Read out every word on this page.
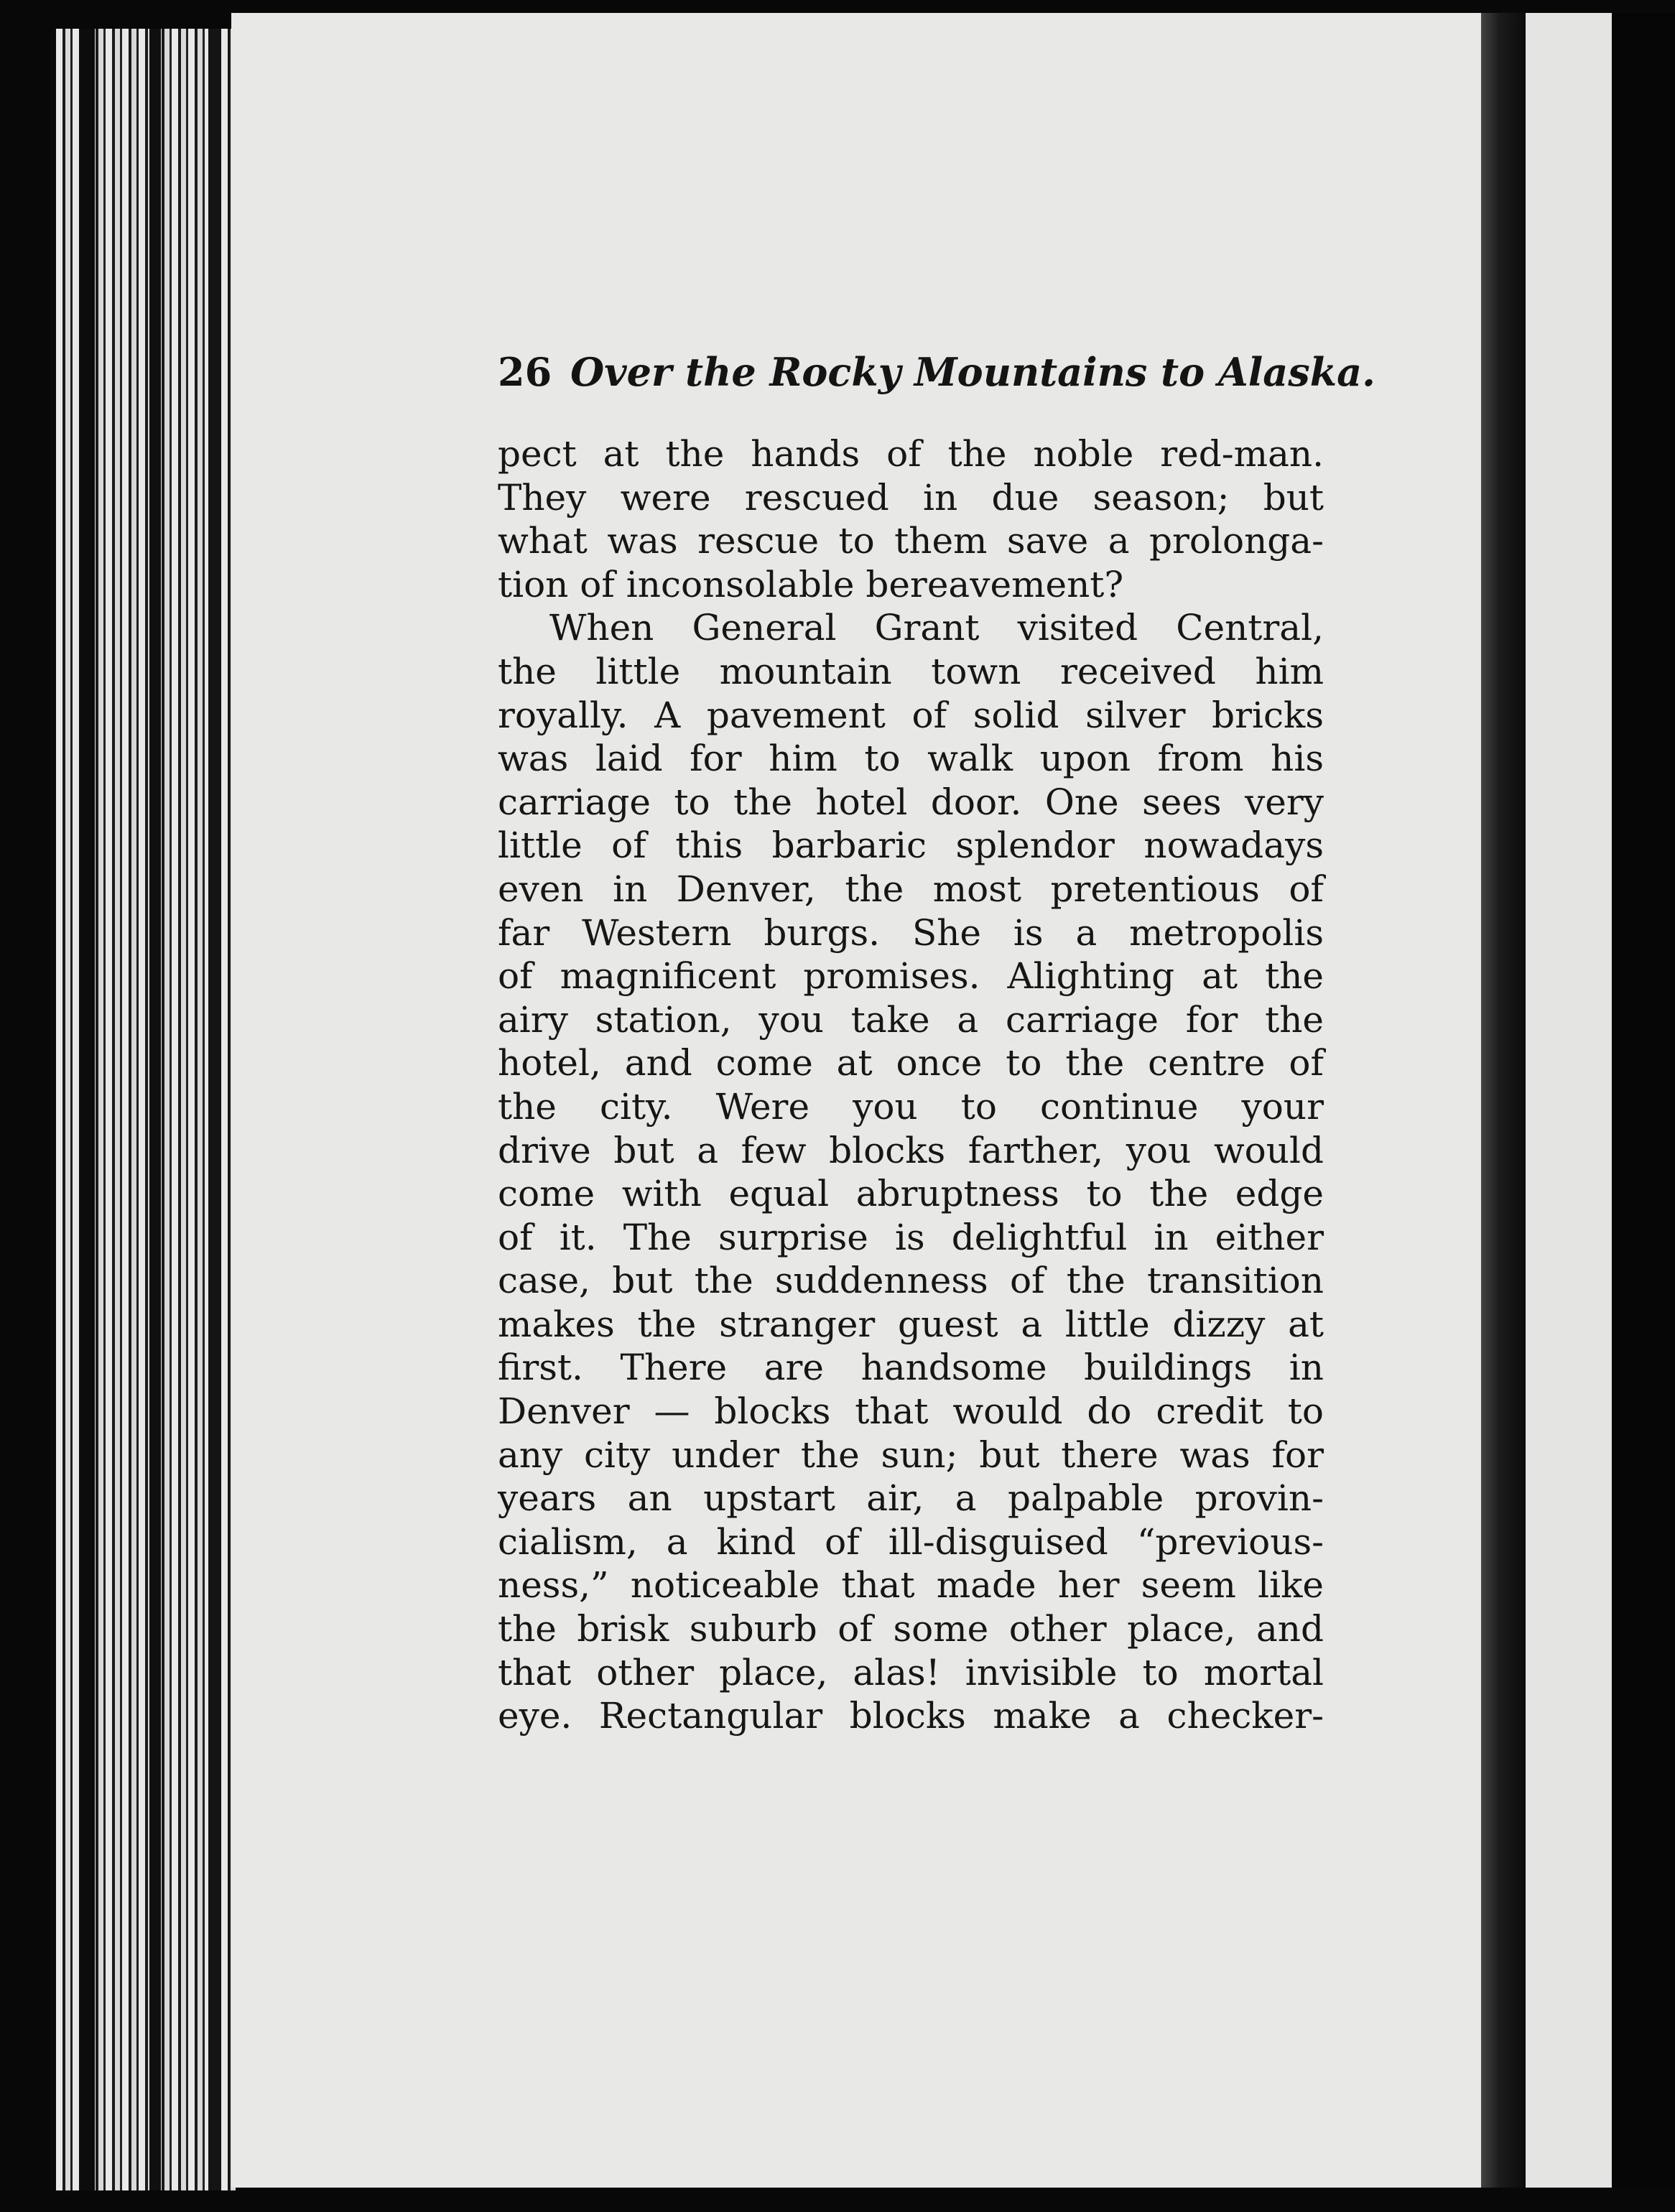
26 Over the Rocky Mountains to Alaska.
pect at the hands of the noble red-man.
They were rescued in due season; but
what was rescue to them save a prolonga-
tion of inconsolable bereavement?
When General Grant visited Central,
the little mountain town received him
royally. A pavement of solid silver bricks
was laid for him to walk upon from his
carriage to the hotel door. One sees very
little of this barbaric splendor nowadays
even in Denver, the most pretentious of
far Western burgs. She is a metropolis
of magnificent promises. Alighting at the
airy station, you take a carriage for the
hotel, and come at once to the centre of
the city. Were you to continue your
drive but a few blocks farther, you would
come with equal abruptness to the edge
of it. The surprise is delightful in either
case, but the suddenness of the transition
makes the stranger guest a little dizzy at
first. There are handsome buildings in
Denver — blocks that would do credit to
any city under the sun; but there was for
years an upstart air, a palpable provin-
cialism, a kind of ill-disguised “previous-
ness,” noticeable that made her seem like
the brisk suburb of some other place, and
that other place, alas! invisible to mortal
eye. Rectangular blocks make a checker-
